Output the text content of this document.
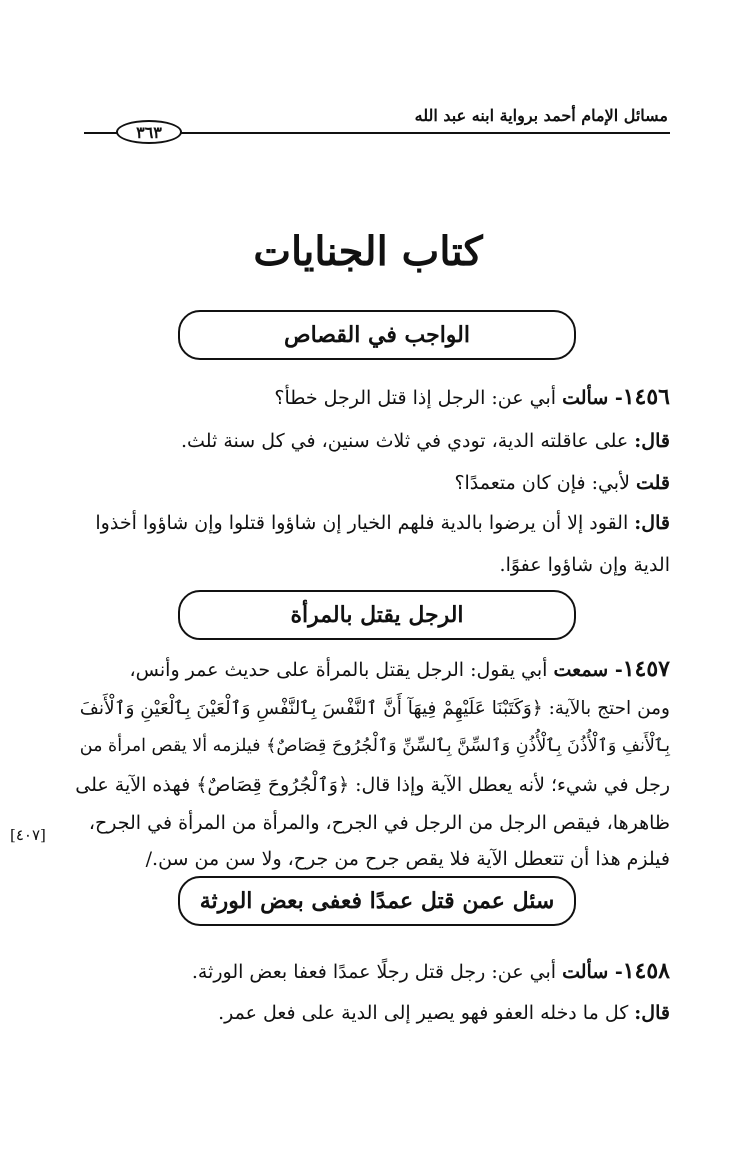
مسائل الإمام أحمد برواية ابنه عبد الله
٣٦٣
كتاب الجنايات
الواجب في القصاص
١٤٥٦- سألت أبي عن: الرجل إذا قتل الرجل خطأ؟
قال: على عاقلته الدية، تودي في ثلاث سنين، في كل سنة ثلث.
قلت لأبي: فإن كان متعمدًا؟
قال: القود إلا أن يرضوا بالدية فلهم الخيار إن شاؤوا قتلوا وإن شاؤوا أخذوا
الدية وإن شاؤوا عفوًا.
الرجل يقتل بالمرأة
١٤٥٧- سمعت أبي يقول: الرجل يقتل بالمرأة على حديث عمر وأنس،
ومن احتج بالآية: ﴿وَكَتَبْنَا عَلَيْهِمْ فِيهَآ أَنَّ ٱلنَّفْسَ بِٱلنَّفْسِ وَٱلْعَيْنَ بِٱلْعَيْنِ وَٱلْأَنفَ
بِٱلْأَنفِ وَٱلْأُذُنَ بِٱلْأُذُنِ وَٱلسِّنَّ بِٱلسِّنِّ وَٱلْجُرُوحَ قِصَاصٌ﴾ فيلزمه ألا يقص امرأة من
رجل في شيء؛ لأنه يعطل الآية وإذا قال: ﴿وَٱلْجُرُوحَ قِصَاصٌ﴾ فهذه الآية على
ظاهرها، فيقص الرجل من الرجل في الجرح، والمرأة من المرأة في الجرح،
فيلزم هذا أن تتعطل الآية فلا يقص جرح من جرح، ولا سن من سن./
[٤٠٧]
سئل عمن قتل عمدًا فعفى بعض الورثة
١٤٥٨- سألت أبي عن: رجل قتل رجلًا عمدًا فعفا بعض الورثة.
قال: كل ما دخله العفو فهو يصير إلى الدية على فعل عمر.
